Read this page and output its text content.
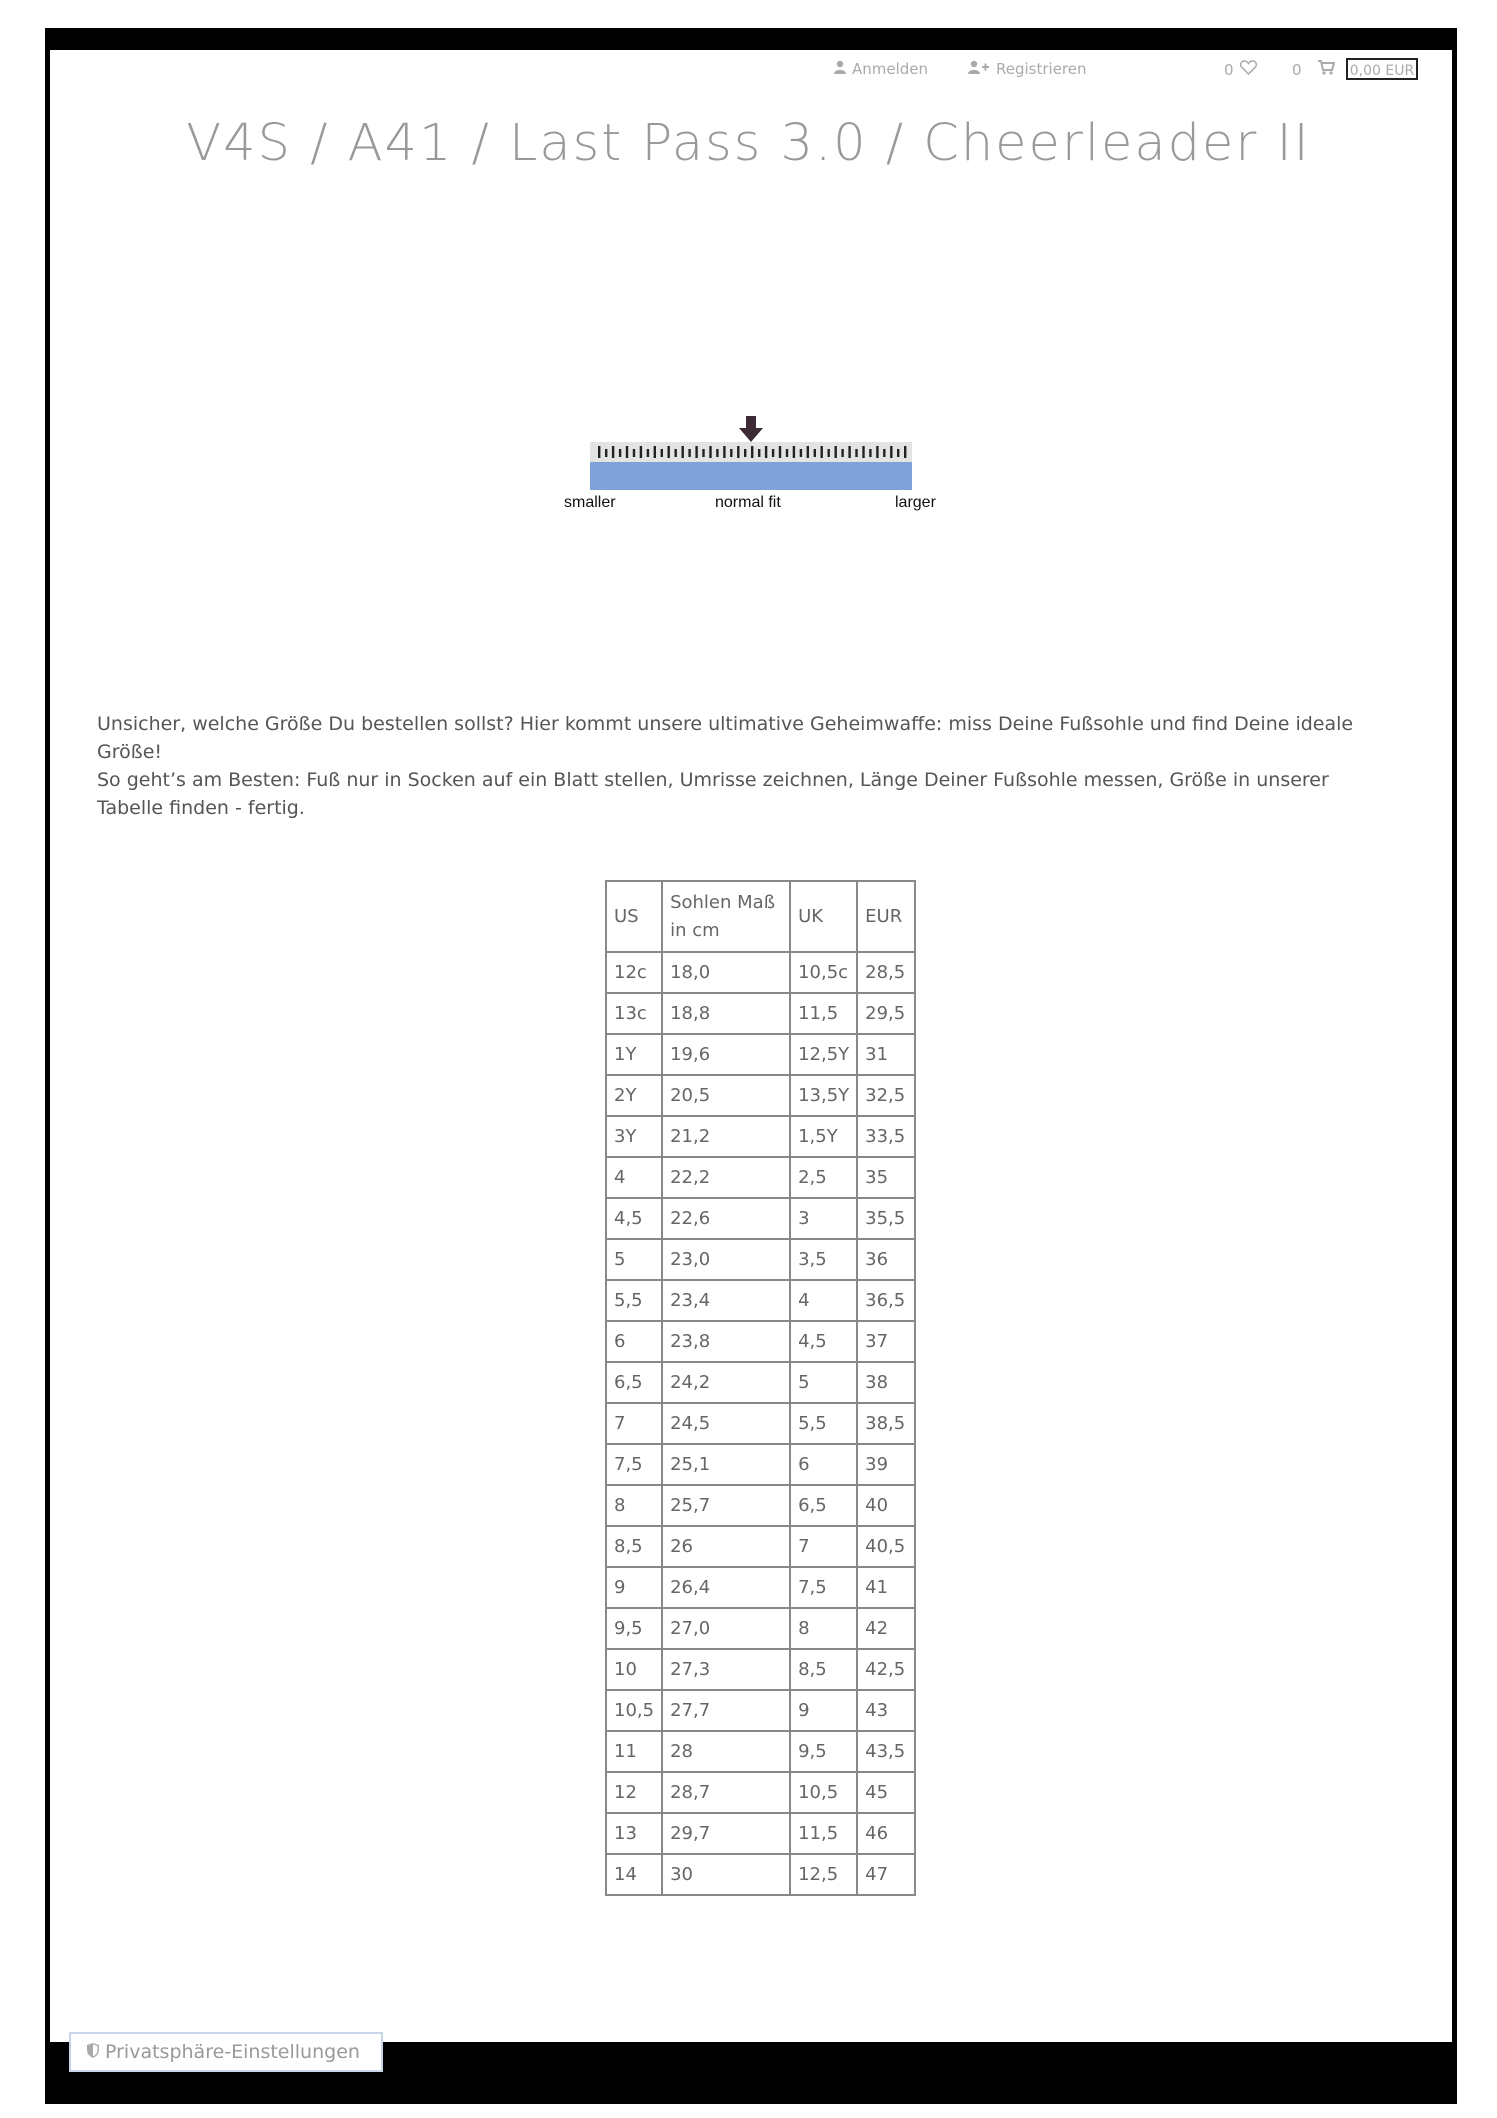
Anmelden	Registrieren	0	0	0,00 EUR
V4S / A41 / Last Pass 3.0 / Cheerleader II
smaller	normal fit	larger

Unsicher, welche Größe Du bestellen sollst? Hier kommt unsere ultimative Geheimwaffe: miss Deine Fußsohle und find Deine ideale Größe!

So geht’s am Besten: Fuß nur in Socken auf ein Blatt stellen, Umrisse zeichnen, Länge Deiner Fußsohle messen, Größe in unserer Tabelle finden - fertig.

US	Sohlen Maß in cm	UK	EUR
12c	18,0	10,5c	28,5
13c	18,8	11,5	29,5
1Y	19,6	12,5Y	31
2Y	20,5	13,5Y	32,5
3Y	21,2	1,5Y	33,5
4	22,2	2,5	35
4,5	22,6	3	35,5
5	23,0	3,5	36
5,5	23,4	4	36,5
6	23,8	4,5	37
6,5	24,2	5	38
7	24,5	5,5	38,5
7,5	25,1	6	39
8	25,7	6,5	40
8,5	26	7	40,5
9	26,4	7,5	41
9,5	27,0	8	42
10	27,3	8,5	42,5
10,5	27,7	9	43
11	28	9,5	43,5
12	28,7	10,5	45
13	29,7	11,5	46
14	30	12,5	47
Privatsphäre-Einstellungen
